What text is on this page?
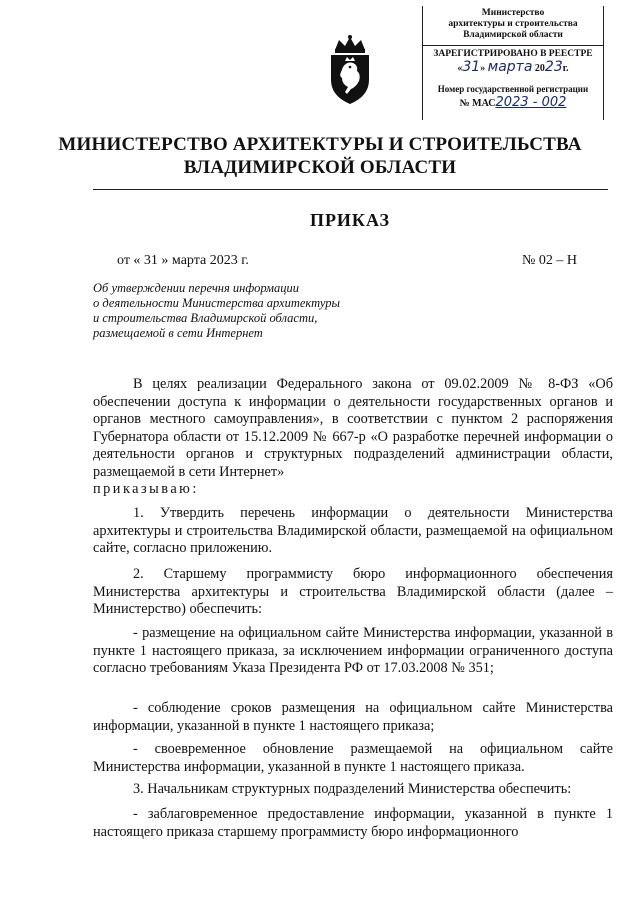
Министерство
архитектуры и строительства
Владимирской области
ЗАРЕГИСТРИРОВАНО В РЕЕСТРЕ
«31» марта 2023г.
Номер государственной регистрации
№ МАС2023 - 002
МИНИСТЕРСТВО АРХИТЕКТУРЫ И СТРОИТЕЛЬСТВА
ВЛАДИМИРСКОЙ ОБЛАСТИ
ПРИКАЗ
от « 31 » марта 2023 г.	№ 02 – Н
Об утверждении перечня информации
о деятельности Министерства архитектуры
и строительства Владимирской области,
размещаемой в сети Интернет
В целях реализации Федерального закона от 09.02.2009 № 8-ФЗ «Об обеспечении доступа к информации о деятельности государственных органов и органов местного самоуправления», в соответствии с пунктом 2 распоряжения Губернатора области от 15.12.2009 № 667-р «О разработке перечней информации о деятельности органов и структурных подразделений администрации области, размещаемой в сети Интернет»
приказываю:
1. Утвердить перечень информации о деятельности Министерства архитектуры и строительства Владимирской области, размещаемой на официальном сайте, согласно приложению.
2. Старшему программисту бюро информационного обеспечения Министерства архитектуры и строительства Владимирской области (далее – Министерство) обеспечить:
- размещение на официальном сайте Министерства информации, указанной в пункте 1 настоящего приказа, за исключением информации ограниченного доступа согласно требованиям Указа Президента РФ от 17.03.2008 № 351;
- соблюдение сроков размещения на официальном сайте Министерства информации, указанной в пункте 1 настоящего приказа;
- своевременное обновление размещаемой на официальном сайте Министерства информации, указанной в пункте 1 настоящего приказа.
3. Начальникам структурных подразделений Министерства обеспечить:
- заблаговременное предоставление информации, указанной в пункте 1 настоящего приказа старшему программисту бюро информационного
